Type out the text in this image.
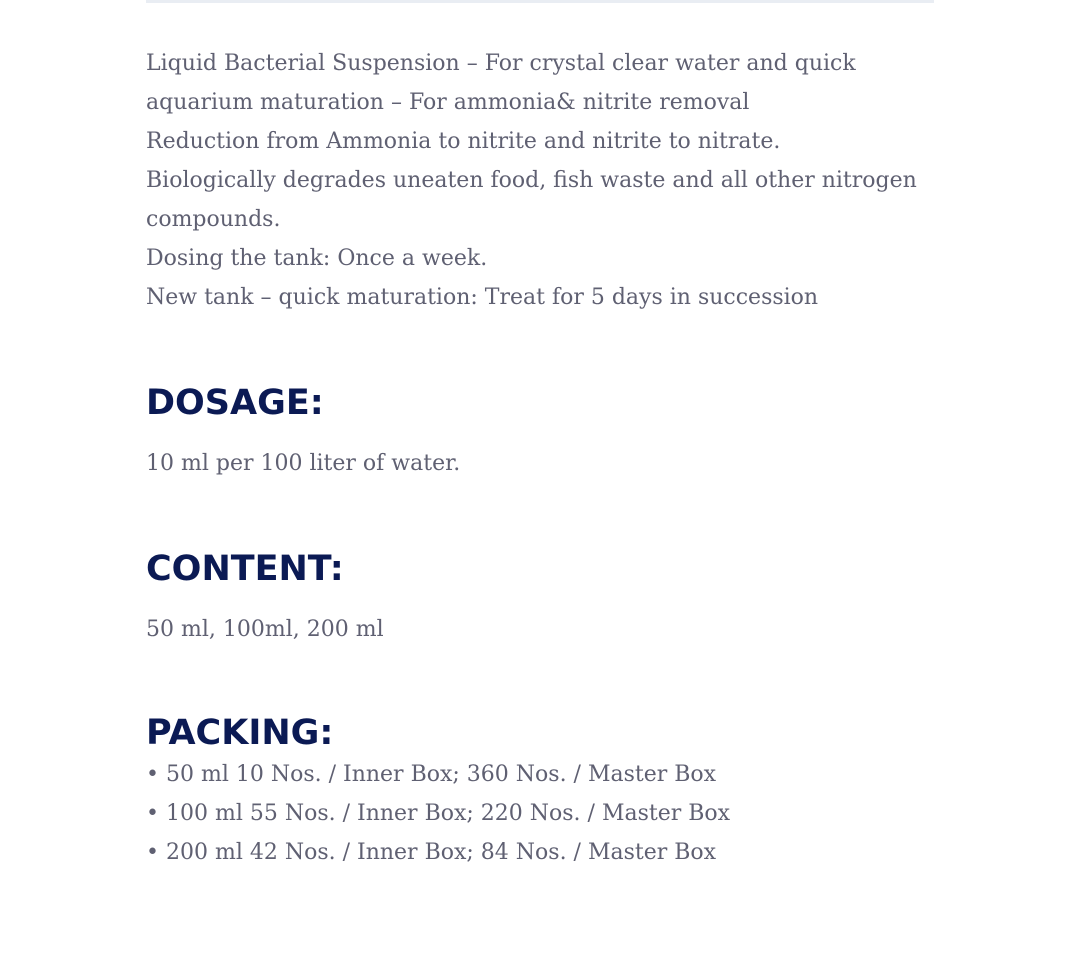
Liquid Bacterial Suspension – For crystal clear water and quick

aquarium maturation – For ammonia& nitrite removal

Reduction from Ammonia to nitrite and nitrite to nitrate.

Biologically degrades uneaten food, fish waste and all other nitrogen

compounds.

Dosing the tank: Once a week.

New tank – quick maturation: Treat for 5 days in succession

DOSAGE:

10 ml per 100 liter of water.

CONTENT:

50 ml, 100ml, 200 ml

PACKING:
• 50 ml 10 Nos. / Inner Box; 360 Nos. / Master Box
• 100 ml 55 Nos. / Inner Box; 220 Nos. / Master Box
• 200 ml 42 Nos. / Inner Box; 84 Nos. / Master Box
